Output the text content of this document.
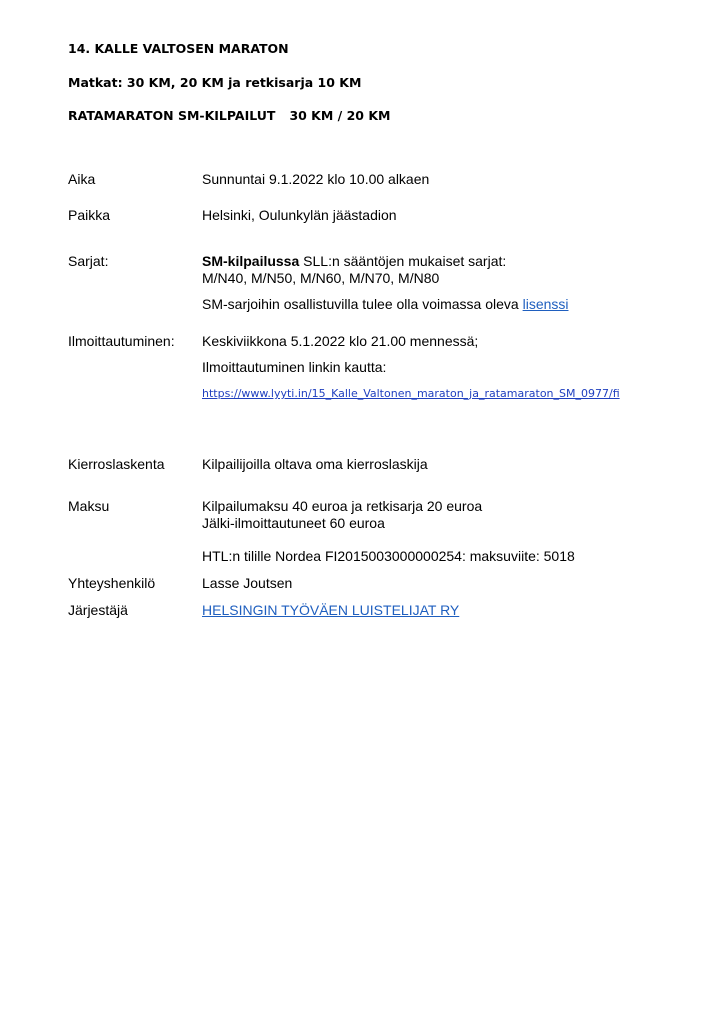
14. KALLE VALTOSEN MARATON
Matkat: 30 KM, 20 KM ja retkisarja 10 KM
RATAMARATON SM-KILPAILUT 30 KM / 20 KM
Aika	Sunnuntai 9.1.2022 klo 10.00 alkaen
Paikka	Helsinki, Oulunkylän jäästadion
Sarjat:	SM-kilpailussa SLL:n sääntöjen mukaiset sarjat:
M/N40, M/N50, M/N60, M/N70, M/N80
SM-sarjoihin osallistuvilla tulee olla voimassa oleva lisenssi
Ilmoittautuminen: Keskiviikkona 5.1.2022 klo 21.00 mennessä;
Ilmoittautuminen linkin kautta:
https://www.lyyti.in/15_Kalle_Valtonen_maraton_ja_ratamaraton_SM_0977/fi
Kierroslaskenta	Kilpailijoilla oltava oma kierroslaskija
Maksu	Kilpailumaksu 40 euroa ja retkisarja 20 euroa
Jälki-ilmoittautuneet 60 euroa
HTL:n tilille Nordea FI2015003000000254: maksuviite: 5018
Yhteyshenkilö	Lasse Joutsen
Järjestäjä	HELSINGIN TYÖVÄEN LUISTELIJAT RY
